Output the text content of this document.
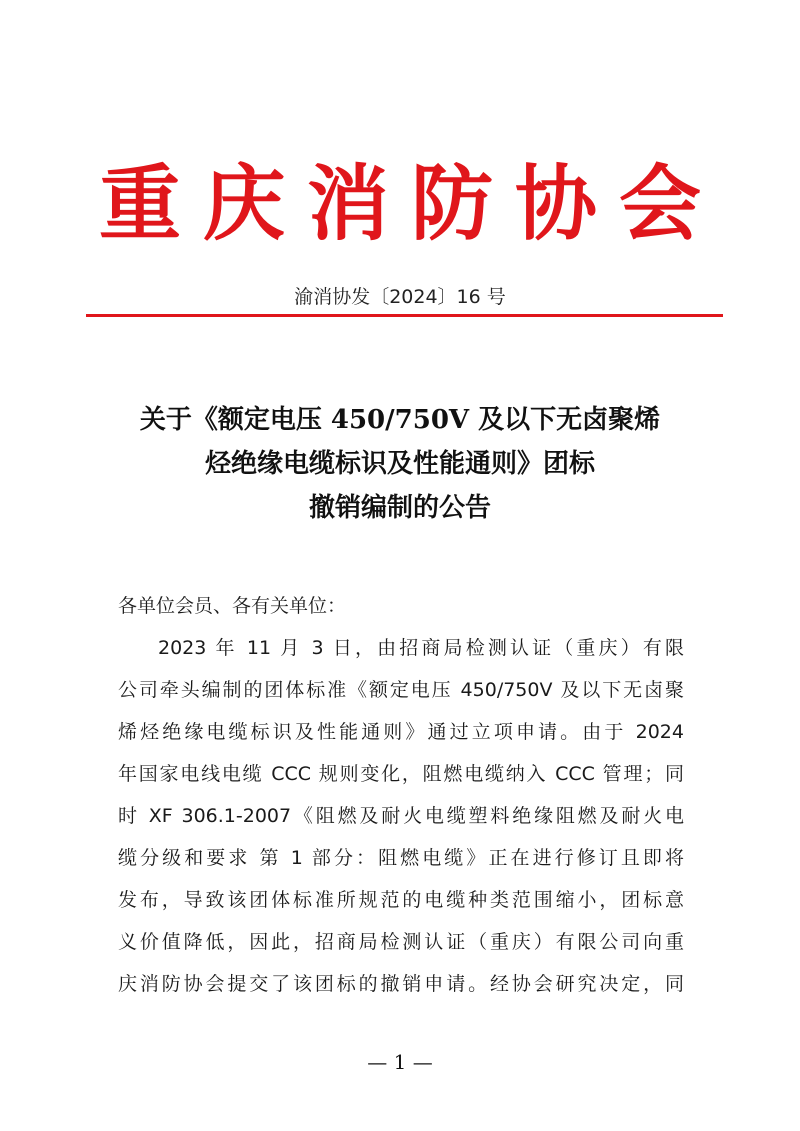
重庆消防协会
渝消协发〔2024〕16 号
关于《额定电压 450/750V 及以下无卤聚烯
烃绝缘电缆标识及性能通则》团标
撤销编制的公告
各单位会员、各有关单位：
2023 年 11 月 3 日，由招商局检测认证（重庆）有限
公司牵头编制的团体标准《额定电压 450/750V 及以下无卤聚
烯烃绝缘电缆标识及性能通则》通过立项申请。由于 2024
年国家电线电缆 CCC 规则变化，阻燃电缆纳入 CCC 管理；同
时 XF 306.1-2007《阻燃及耐火电缆塑料绝缘阻燃及耐火电
缆分级和要求 第 1 部分：阻燃电缆》正在进行修订且即将
发布，导致该团体标准所规范的电缆种类范围缩小，团标意
义价值降低，因此，招商局检测认证（重庆）有限公司向重
庆消防协会提交了该团标的撤销申请。经协会研究决定，同
— 1 —
